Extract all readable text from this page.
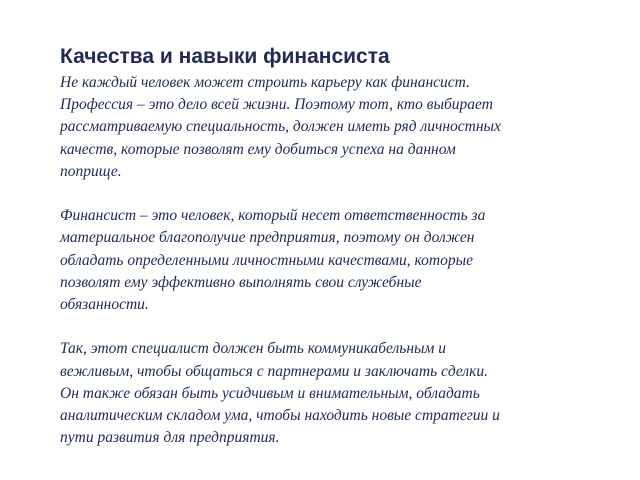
Качества и навыки финансиста

Не каждый человек может строить карьеру как финансист.
Профессия – это дело всей жизни. Поэтому тот, кто выбирает
рассматриваемую специальность, должен иметь ряд личностных
качеств, которые позволят ему добиться успеха на данном
поприще.

Финансист – это человек, который несет ответственность за
материальное благополучие предприятия, поэтому он должен
обладать определенными личностными качествами, которые
позволят ему эффективно выполнять свои служебные
обязанности.

Так, этот специалист должен быть коммуникабельным и
вежливым, чтобы общаться с партнерами и заключать сделки.
Он также обязан быть усидчивым и внимательным, обладать
аналитическим складом ума, чтобы находить новые стратегии и
пути развития для предприятия.
